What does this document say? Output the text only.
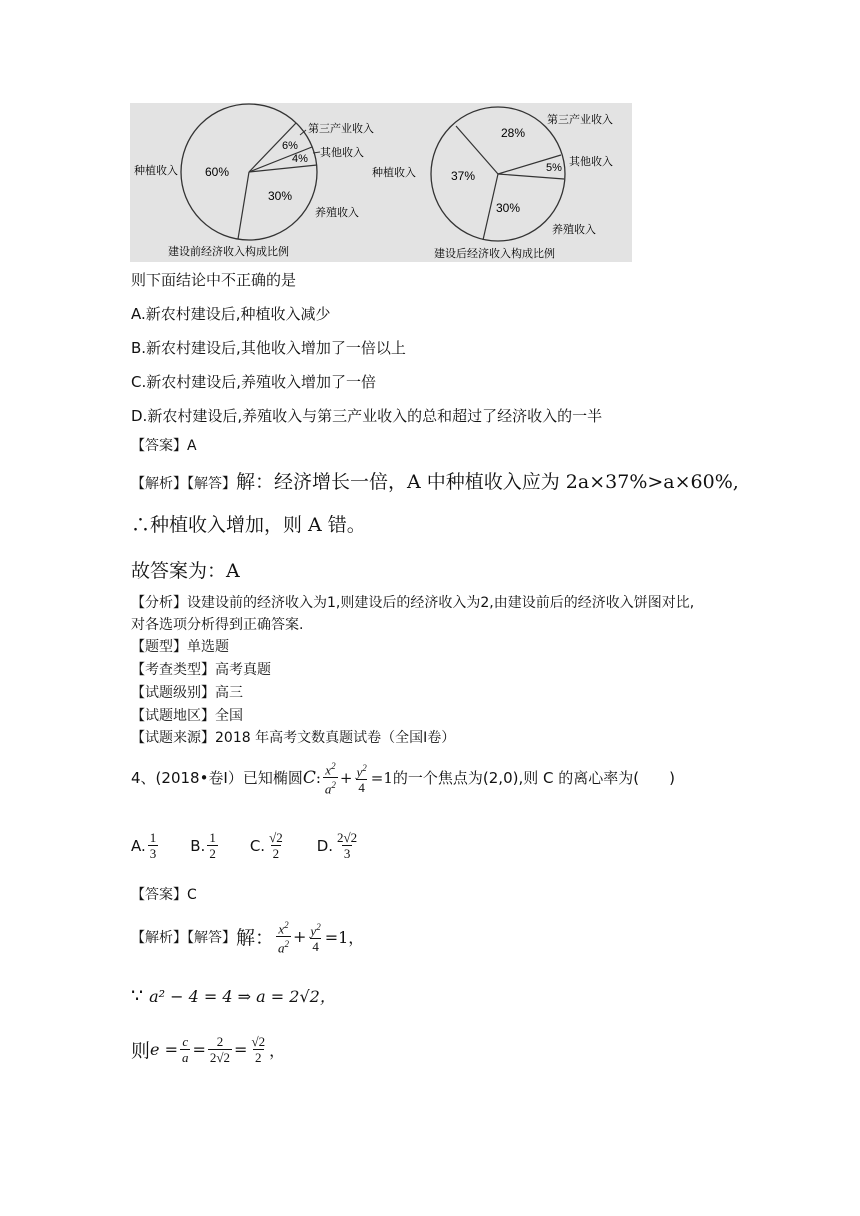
60%
6%
4%
30%
第三产业收入
其他收入
种植收入
养殖收入
建设前经济收入构成比例
28%
5%
37%
30%
第三产业收入
其他收入
种植收入
养殖收入
建设后经济收入构成比例
则下面结论中不正确的是
A.新农村建设后,种植收入减少
B.新农村建设后,其他收入增加了一倍以上
C.新农村建设后,养殖收入增加了一倍
D.新农村建设后,养殖收入与第三产业收入的总和超过了经济收入的一半
【答案】A
【解析】【解答】解：经济增长一倍，A 中种植收入应为 2a×37%>a×60%,
∴种植收入增加，则 A 错。
故答案为：A
【分析】设建设前的经济收入为1,则建设后的经济收入为2,由建设前后的经济收入饼图对比,
对各选项分析得到正确答案.
【题型】单选题
【考查类型】高考真题
【试题级别】高三
【试题地区】全国
【试题来源】2018 年高考文数真题试卷（全国Ⅰ卷）
4、(2018•卷Ⅰ）已知椭圆 C : $\frac{x^2}{a^2} + \frac{y^2}{4} =1$ 的一个焦点为(2,0),则 C 的离心率为(　　)
A. $\frac{1}{3} B$. $\frac{1}{2} C$. $\frac{√2}{2} D$. $\frac{2√2}{3}$
【答案】C
【解析】【解答】 解： $\frac{x^2}{a^2} + \frac{y^2}{4} =1$，
∵ a² − 4 = 4 ⇒ a = 2√2，
则 $e = \frac{c}{a} = \frac{2}{2√2} = \frac{√2}{2}$ ，
